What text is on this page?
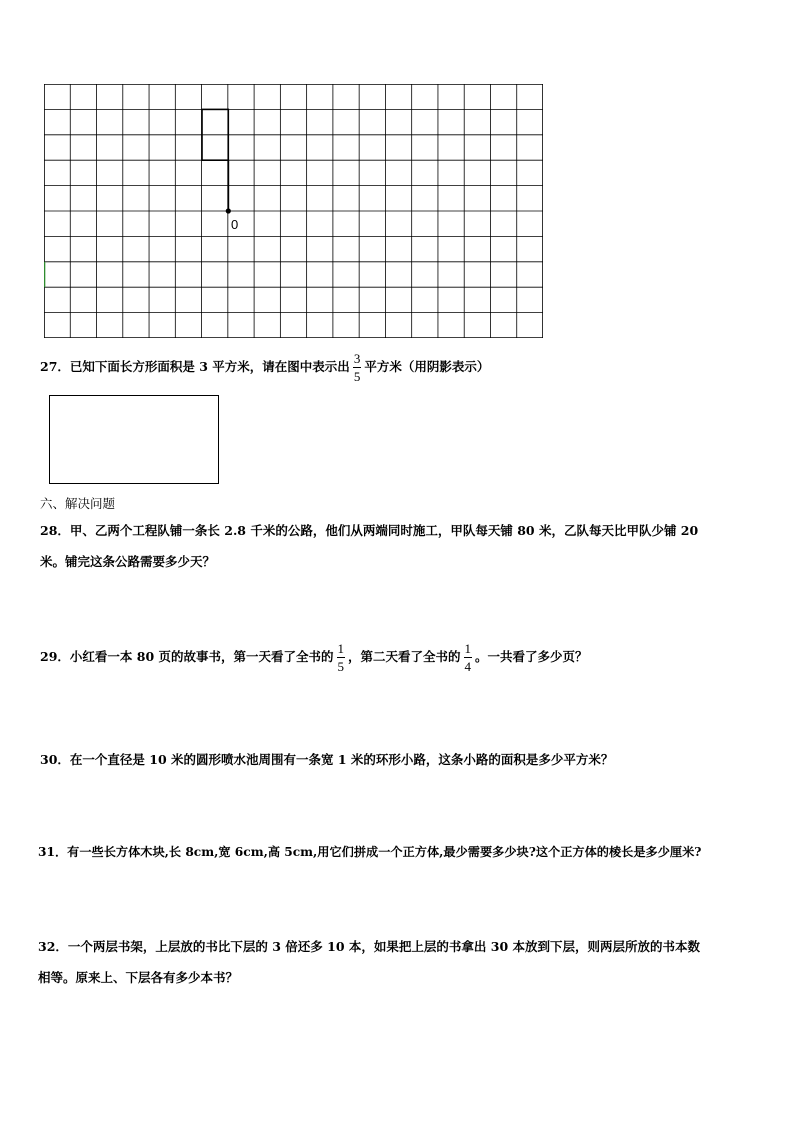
0
27．已知下面长方形面积是 3 平方米，请在图中表示出 $\frac{3}{5}$ 平方米（用阴影表示）
六、解决问题
28．甲、乙两个工程队铺一条长 2.8 千米的公路，他们从两端同时施工，甲队每天铺 80 米，乙队每天比甲队少铺 20
米。铺完这条公路需要多少天？
29．小红看一本 80 页的故事书，第一天看了全书的 $\frac{1}{5}$ ，第二天看了全书的 $\frac{1}{4}$ 。一共看了多少页？
30．在一个直径是 10 米的圆形喷水池周围有一条宽 1 米的环形小路，这条小路的面积是多少平方米？
31．有一些长方体木块,长 8cm,宽 6cm,高 5cm,用它们拼成一个正方体,最少需要多少块?这个正方体的棱长是多少厘米?
32．一个两层书架，上层放的书比下层的 3 倍还多 10 本，如果把上层的书拿出 30 本放到下层，则两层所放的书本数
相等。原来上、下层各有多少本书？
